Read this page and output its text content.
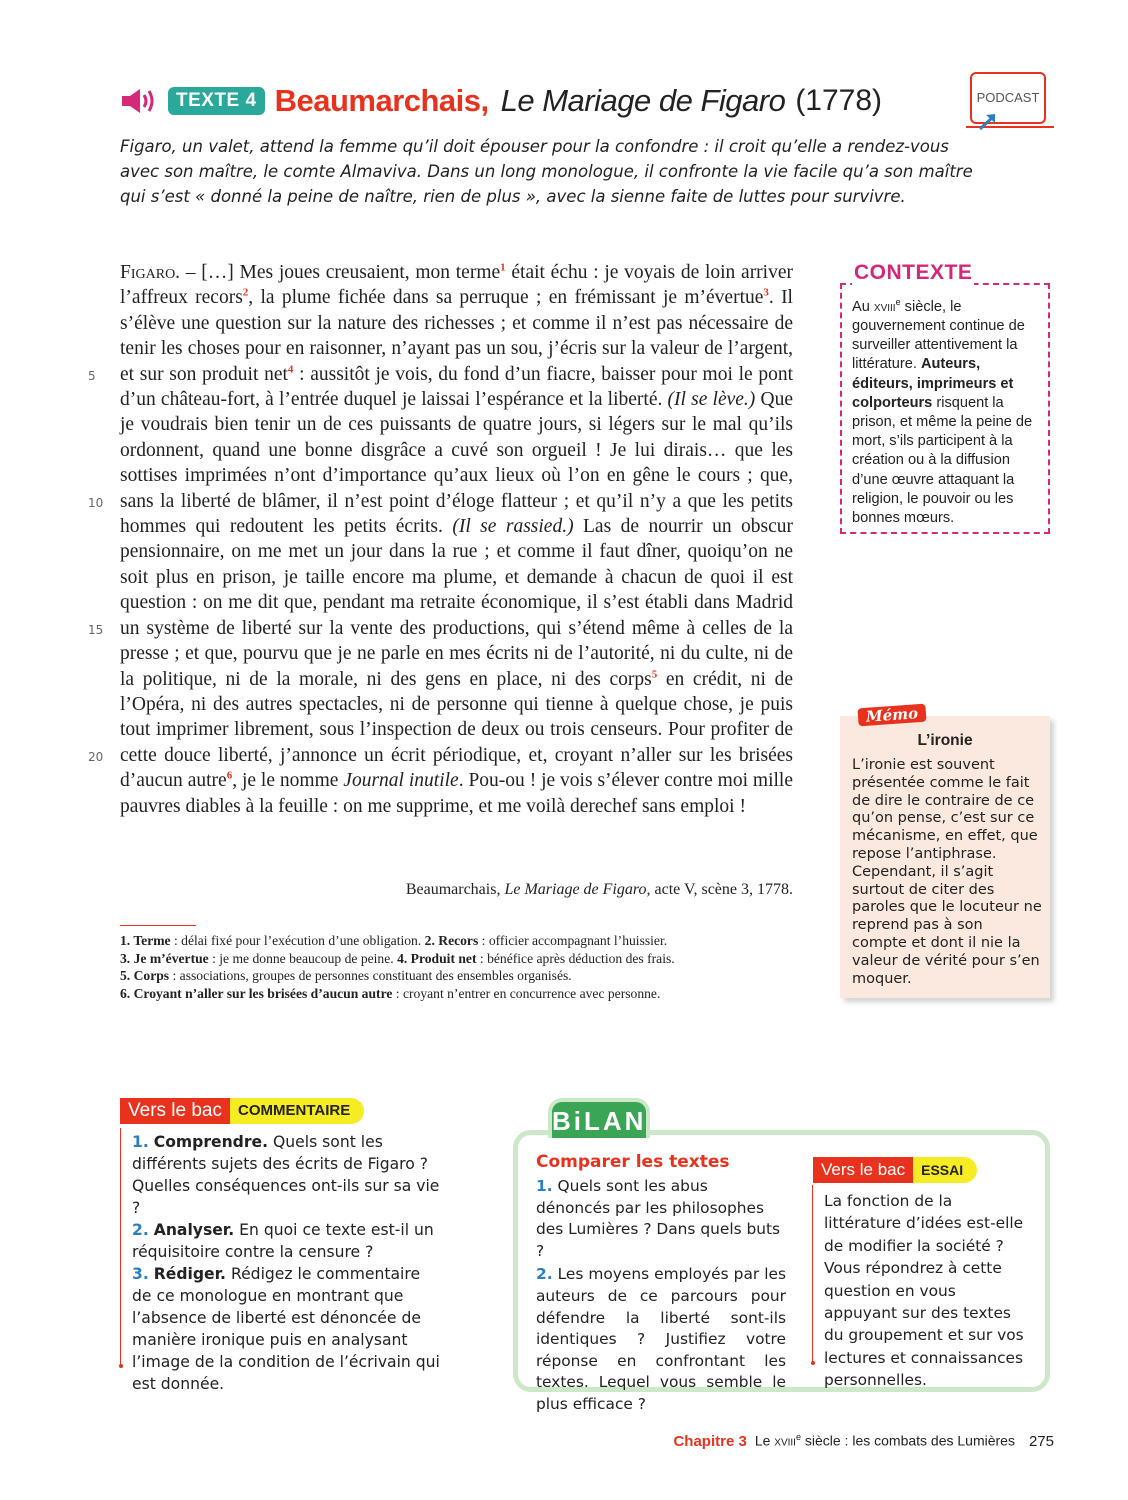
TEXTE 4 Beaumarchais, Le Mariage de Figaro (1778)	PODCAST
Figaro, un valet, attend la femme qu’il doit épouser pour la confondre : il croit qu’elle a rendez-vous avec son maître, le comte Almaviva. Dans un long monologue, il confronte la vie facile qu’a son maître qui s’est « donné la peine de naître, rien de plus », avec la sienne faite de luttes pour survivre.

Figaro. – […] Mes joues creusaient, mon terme$^1$ était échu : je voyais de loin arriver l’affreux recors$^2$, la plume fichée dans sa perruque ; en frémissant je m’évertue$^3$. Il s’élève une question sur la nature des richesses ; et comme il n’est pas nécessaire de tenir les choses pour en raisonner, n’ayant pas un sou, j’écris sur la valeur de l’argent, et sur son produit net$^4$ : aussitôt je vois, du fond d’un fiacre, baisser pour moi le pont d’un château-fort, à l’entrée duquel je laissai l’espérance et la liberté. (Il se lève.) Que je voudrais bien tenir un de ces puissants de quatre jours, si légers sur le mal qu’ils ordonnent, quand une bonne disgrâce a cuvé son orgueil ! Je lui dirais… que les sottises imprimées n’ont d’importance qu’aux lieux où l’on en gêne le cours ; que, sans la liberté de blâmer, il n’est point d’éloge flatteur ; et qu’il n’y a que les petits hommes qui redoutent les petits écrits. (Il se rassied.) Las de nourrir un obscur pensionnaire, on me met un jour dans la rue ; et comme il faut dîner, quoiqu’on ne soit plus en prison, je taille encore ma plume, et demande à chacun de quoi il est question : on me dit que, pendant ma retraite économique, il s’est établi dans Madrid un système de liberté sur la vente des productions, qui s’étend même à celles de la presse ; et que, pourvu que je ne parle en mes écrits ni de l’autorité, ni du culte, ni de la politique, ni de la morale, ni des gens en place, ni des corps$^5$ en crédit, ni de l’Opéra, ni des autres spectacles, ni de personne qui tienne à quelque chose, je puis tout imprimer librement, sous l’inspection de deux ou trois censeurs. Pour profiter de cette douce liberté, j’annonce un écrit périodique, et, croyant n’aller sur les brisées d’aucun autre$^6$, je le nomme Journal inutile. Pou-ou ! je vois s’élever contre moi mille pauvres diables à la feuille : on me supprime, et me voilà derechef sans emploi !

5
10
15
20
Beaumarchais, Le Mariage de Figaro, acte V, scène 3, 1778.
1. Terme : délai fixé pour l’exécution d’une obligation. 2. Recors : officier accompagnant l’huissier.
3. Je m’évertue : je me donne beaucoup de peine. 4. Produit net : bénéfice après déduction des frais.
5. Corps : associations, groupes de personnes constituant des ensembles organisés.
6. Croyant n’aller sur les brisées d’aucun autre : croyant n’entrer en concurrence avec personne.
CONTEXTE
Au xviii$^e$ siècle, le gouvernement continue de surveiller attentivement la littérature. Auteurs, éditeurs, imprimeurs et colporteurs risquent la prison, et même la peine de mort, s’ils participent à la création ou à la diffusion d’une œuvre attaquant la religion, le pouvoir ou les bonnes mœurs.
Mémo
L’ironie
L’ironie est souvent présentée comme le fait de dire le contraire de ce qu’on pense, c’est sur ce mécanisme, en effet, que repose l’antiphrase. Cependant, il s’agit surtout de citer des paroles que le locuteur ne reprend pas à son compte et dont il nie la valeur de vérité pour s’en moquer.
Vers le bac	COMMENTAIRE
1. Comprendre. Quels sont les différents sujets des écrits de Figaro ? Quelles conséquences ont-ils sur sa vie ?
2. Analyser. En quoi ce texte est-il un réquisitoire contre la censure ?
3. Rédiger. Rédigez le commentaire de ce monologue en montrant que l’absence de liberté est dénoncée de manière ironique puis en analysant l’image de la condition de l’écrivain qui est donnée.
BiLAN
Comparer les textes
1. Quels sont les abus dénoncés par les philosophes des Lumières ? Dans quels buts ?
2. Les moyens employés par les auteurs de ce parcours pour défendre la liberté sont-ils identiques ? Justifiez votre réponse en confrontant les textes. Lequel vous semble le plus efficace ?
Vers le bac	ESSAI
La fonction de la littérature d’idées est-elle de modifier la société ? Vous répondrez à cette question en vous appuyant sur des textes du groupement et sur vos lectures et connaissances personnelles.
Chapitre 3 Le xviii$^e$ siècle : les combats des Lumières 275
